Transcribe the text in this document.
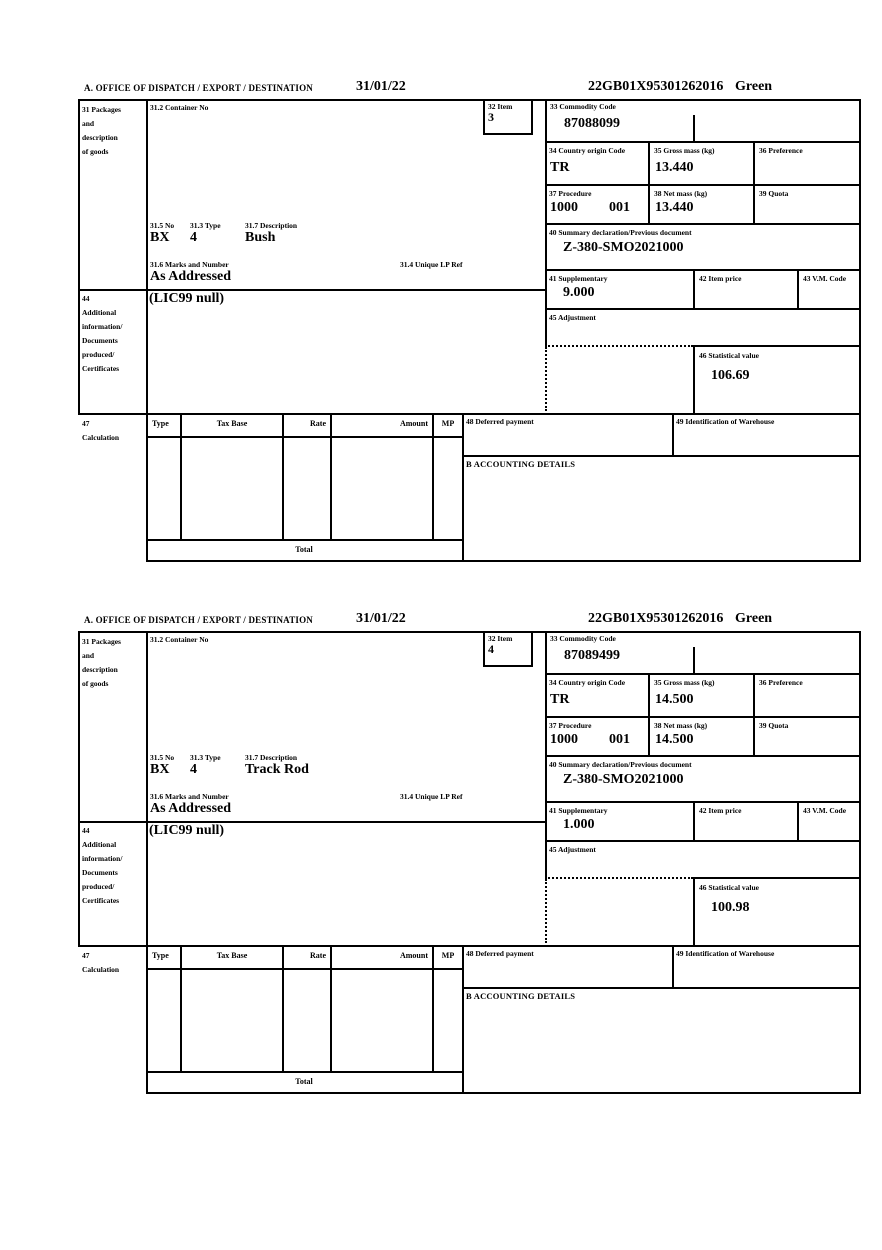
A. OFFICE OF DISPATCH / EXPORT / DESTINATION	31/01/22	22GB01X95301262016 Green
31 Packages
and
description
of goods
31.2 Container No	32 Item
3
33 Commodity Code
87088099
34 Country origin Code
TR
35 Gross mass (kg)
13.440
36 Preference
37 Procedure
1000 001
38 Net mass (kg)
13.440
39 Quota
40 Summary declaration/Previous document
Z-380-SMO2021000
41 Supplementary
9.000
42 Item price	43 V.M. Code
45 Adjustment
46 Statistical value
106.69
31.5 No 31.3 Type	31.7 Description
BX 4	Bush
31.6 Marks and Number	31.4 Unique LP Ref
As Addressed
44
Additional
information/
Documents
produced/
Certificates
(LIC99 null)
47
Calculation
Type	Tax Base	Rate	Amount	MP
Total
48 Deferred payment	49 Identification of Warehouse
B ACCOUNTING DETAILS
A. OFFICE OF DISPATCH / EXPORT / DESTINATION	31/01/22	22GB01X95301262016 Green
31 Packages
and
description
of goods
31.2 Container No	32 Item
4
33 Commodity Code
87089499
34 Country origin Code
TR
35 Gross mass (kg)
14.500
36 Preference
37 Procedure
1000 001
38 Net mass (kg)
14.500
39 Quota
40 Summary declaration/Previous document
Z-380-SMO2021000
41 Supplementary
1.000
42 Item price	43 V.M. Code
45 Adjustment
46 Statistical value
100.98
31.5 No 31.3 Type	31.7 Description
BX 4	Track Rod
31.6 Marks and Number	31.4 Unique LP Ref
As Addressed
44
Additional
information/
Documents
produced/
Certificates
(LIC99 null)
47
Calculation
Type	Tax Base	Rate	Amount	MP
Total
48 Deferred payment	49 Identification of Warehouse
B ACCOUNTING DETAILS
